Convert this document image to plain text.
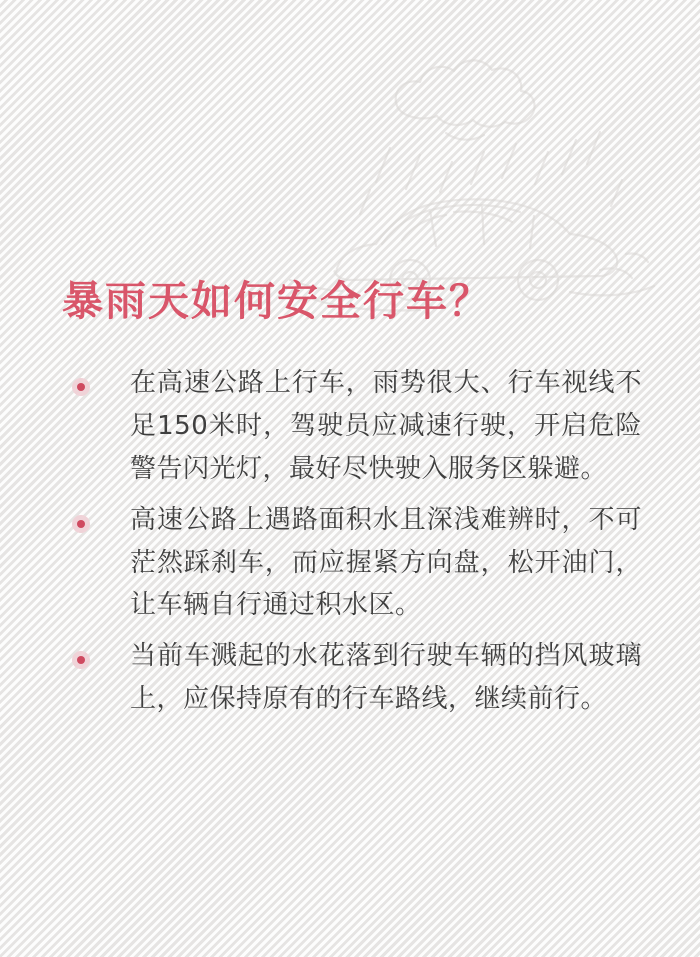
暴雨天如何安全行车？
在高速公路上行车，雨势很大、行车视线不足150米时，驾驶员应减速行驶，开启危险警告闪光灯，最好尽快驶入服务区躲避。
高速公路上遇路面积水且深浅难辨时，不可茫然踩刹车，而应握紧方向盘，松开油门，让车辆自行通过积水区。
当前车溅起的水花落到行驶车辆的挡风玻璃上，应保持原有的行车路线，继续前行。
